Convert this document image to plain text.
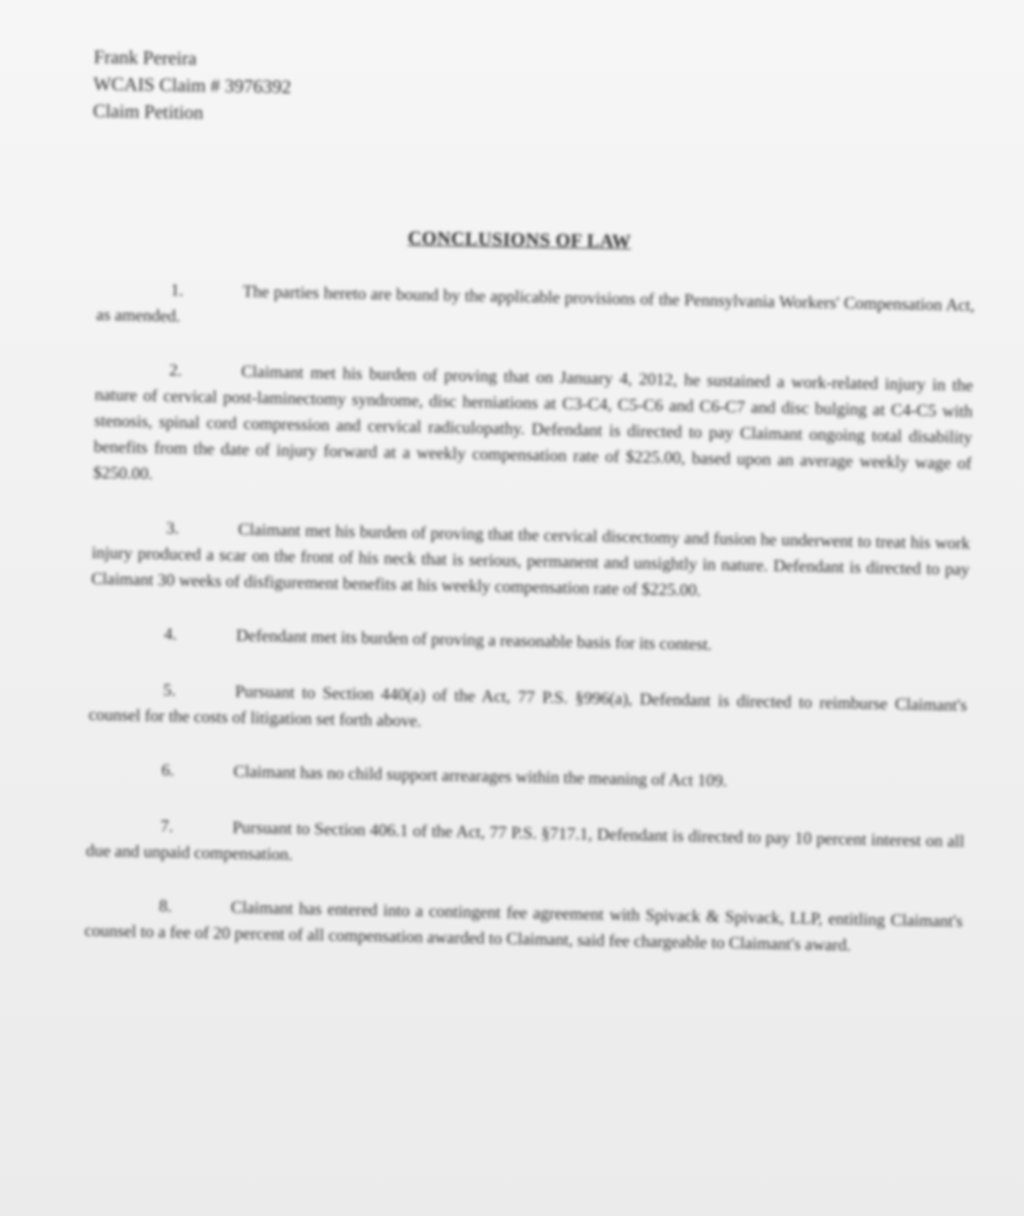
Frank Pereira
WCAIS Claim # 3976392
Claim Petition
CONCLUSIONS OF LAW

1.	The parties hereto are bound by the applicable provisions of the Pennsylvania Workers' Compensation Act, as amended.

2.	Claimant met his burden of proving that on January 4, 2012, he sustained a work-related injury in the nature of cervical post-laminectomy syndrome, disc herniations at C3-C4, C5-C6 and C6-C7 and disc bulging at C4-C5 with stenosis, spinal cord compression and cervical radiculopathy. Defendant is directed to pay Claimant ongoing total disability benefits from the date of injury forward at a weekly compensation rate of $225.00, based upon an average weekly wage of $250.00.

3.	Claimant met his burden of proving that the cervical discectomy and fusion he underwent to treat his work injury produced a scar on the front of his neck that is serious, permanent and unsightly in nature. Defendant is directed to pay Claimant 30 weeks of disfigurement benefits at his weekly compensation rate of $225.00.

4.	Defendant met its burden of proving a reasonable basis for its contest.

5.	Pursuant to Section 440(a) of the Act, 77 P.S. §996(a), Defendant is directed to reimburse Claimant's counsel for the costs of litigation set forth above.

6.	Claimant has no child support arrearages within the meaning of Act 109.

7.	Pursuant to Section 406.1 of the Act, 77 P.S. §717.1, Defendant is directed to pay 10 percent interest on all due and unpaid compensation.

8.	Claimant has entered into a contingent fee agreement with Spivack & Spivack, LLP, entitling Claimant's counsel to a fee of 20 percent of all compensation awarded to Claimant, said fee chargeable to Claimant's award.
